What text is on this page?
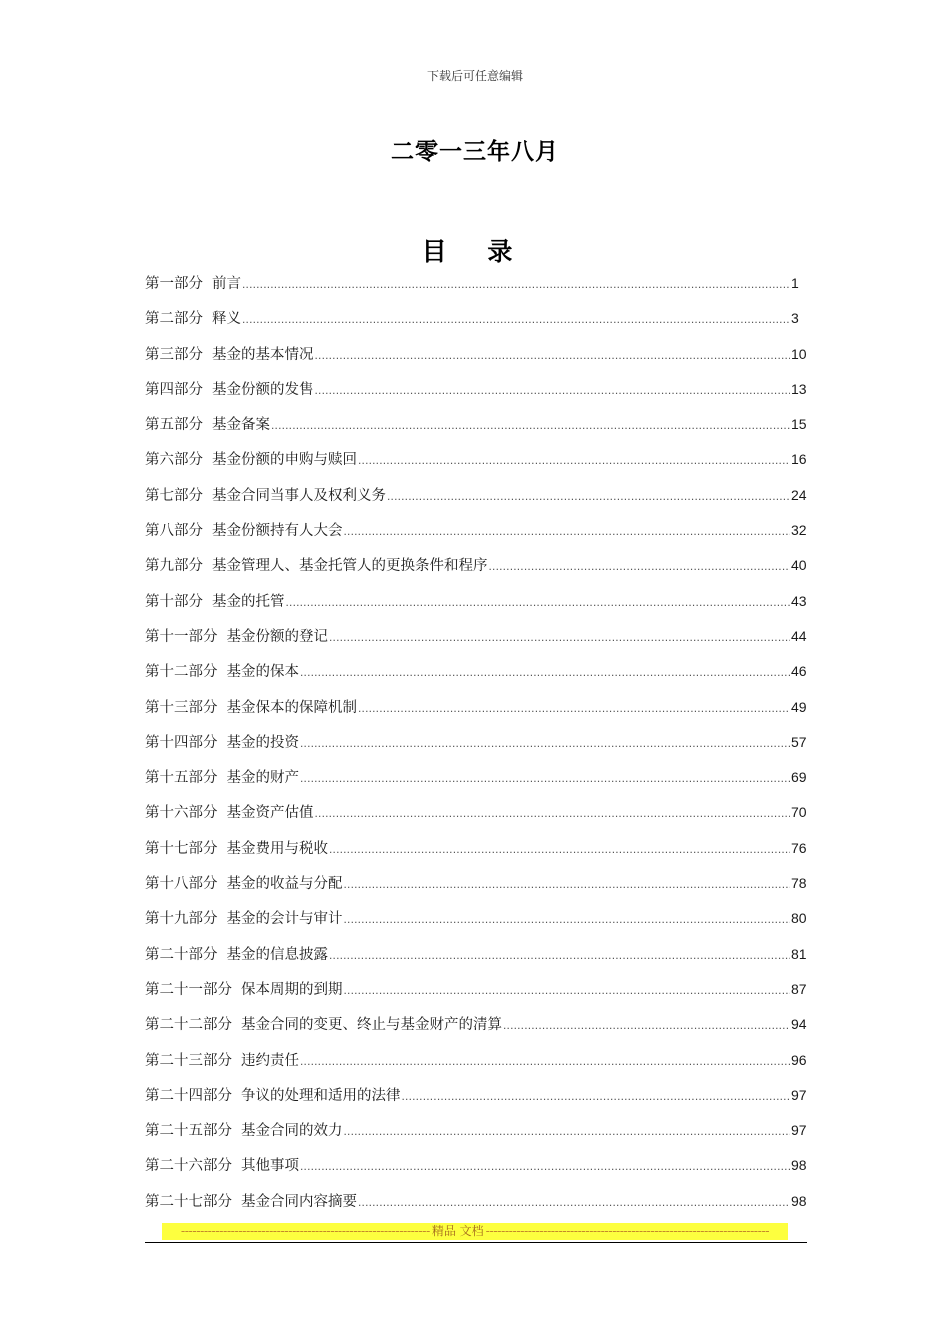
下载后可任意编辑
二零一三年八月
目 录
第一部分 前言 .....	1
第二部分 释义 .....	3
第三部分 基金的基本情况 .....	10
第四部分 基金份额的发售 .....	13
第五部分 基金备案 .....	15
第六部分 基金份额的申购与赎回 .....	16
第七部分 基金合同当事人及权利义务 .....	24
第八部分 基金份额持有人大会 .....	32
第九部分 基金管理人、基金托管人的更换条件和程序 .....	40
第十部分 基金的托管 .....	43
第十一部分 基金份额的登记 .....	44
第十二部分 基金的保本 .....	46
第十三部分 基金保本的保障机制 .....	49
第十四部分 基金的投资 .....	57
第十五部分 基金的财产 .....	69
第十六部分 基金资产估值 .....	70
第十七部分 基金费用与税收 .....	76
第十八部分 基金的收益与分配 .....	78
第十九部分 基金的会计与审计 .....	80
第二十部分 基金的信息披露 .....	81
第二十一部分 保本周期的到期 .....	87
第二十二部分 基金合同的变更、终止与基金财产的清算 .....	94
第二十三部分 违约责任 .....	96
第二十四部分 争议的处理和适用的法律 .....	97
第二十五部分 基金合同的效力 .....	97
第二十六部分 其他事项 .....	98
第二十七部分 基金合同内容摘要 .....	98
----------------------------------------------------------------- 精品 文档 --------------------------------------------------------------------------
